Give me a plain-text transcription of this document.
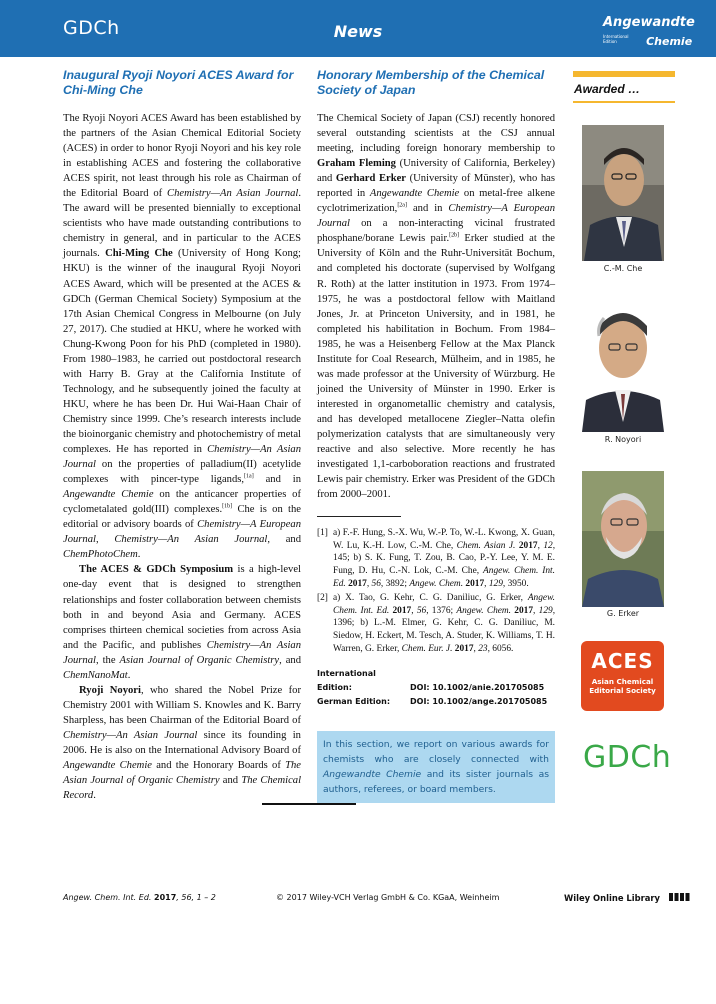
GDCh	News	Angewandte
International Edition	Chemie
Inaugural Ryoji Noyori ACES Award for Chi-Ming Che

The Ryoji Noyori ACES Award has been established by the partners of the Asian Chemical Editorial Society (ACES) in order to honor Ryoji Noyori and his key role in establishing ACES and fostering the collaborative ACES spirit, not least through his role as Chairman of the Editorial Board of Chemistry—An Asian Journal. The award will be presented biennially to exceptional scientists who have made outstanding contributions to chemistry in general, and in particular to the ACES journals. Chi-Ming Che (University of Hong Kong; HKU) is the winner of the inaugural Ryoji Noyori ACES Award, which will be presented at the ACES & GDCh (German Chemical Society) Symposium at the 17th Asian Chemical Congress in Melbourne (on July 27, 2017). Che studied at HKU, where he worked with Chung-Kwong Poon for his PhD (completed in 1980). From 1980–1983, he carried out postdoctoral research with Harry B. Gray at the California Institute of Technology, and he subsequently joined the faculty at HKU, where he has been Dr. Hui Wai-Haan Chair of Chemistry since 1999. Che’s research interests include the bioinorganic chemistry and photochemistry of metal complexes. He has reported in Chemistry—An Asian Journal on the properties of palladium(II) acetylide complexes with pincer-type ligands,[1a] and in Angewandte Chemie on the anticancer properties of cyclometalated gold(III) complexes.[1b] Che is on the editorial or advisory boards of Chemistry—A European Journal, Chemistry—An Asian Journal, and ChemPhotoChem.

The ACES & GDCh Symposium is a high-level one-day event that is designed to strengthen relationships and foster collaboration between chemists both in and beyond Asia and Germany. ACES comprises thirteen chemical societies from across Asia and the Pacific, and publishes Chemistry—An Asian Journal, the Asian Journal of Organic Chemistry, and ChemNanoMat.

Ryoji Noyori, who shared the Nobel Prize for Chemistry 2001 with William S. Knowles and K. Barry Sharpless, has been Chairman of the Editorial Board of Chemistry—An Asian Journal since its founding in 2006. He is also on the International Advisory Board of Angewandte Chemie and the Honorary Boards of The Asian Journal of Organic Chemistry and The Chemical Record.

Honorary Membership of the Chemical Society of Japan

The Chemical Society of Japan (CSJ) recently honored several outstanding scientists at the CSJ annual meeting, including foreign honorary membership to Graham Fleming (University of California, Berkeley) and Gerhard Erker (University of Münster), who has reported in Angewandte Chemie on metal-free alkene cyclotrimerization,[2a] and in Chemistry—A European Journal on a non-interacting vicinal frustrated phosphane/borane Lewis pair.[2b] Erker studied at the University of Köln and the Ruhr-Universität Bochum, and completed his doctorate (supervised by Wolfgang R. Roth) at the latter institution in 1973. From 1974–1975, he was a postdoctoral fellow with Maitland Jones, Jr. at Princeton University, and in 1981, he completed his habilitation in Bochum. From 1984–1985, he was a Heisenberg Fellow at the Max Planck Institute for Coal Research, Mülheim, and in 1985, he was made professor at the University of Würzburg. He joined the University of Münster in 1990. Erker is interested in organometallic chemistry and catalysis, and has developed metallocene Ziegler–Natta olefin polymerization catalysts that are simultaneously very reactive and also selective. More recently he has investigated 1,1-carboboration reactions and frustrated Lewis pair chemistry. Erker was President of the GDCh from 2000–2001.

[1] a) F.-F. Hung, S.-X. Wu, W.-P. To, W.-L. Kwong, X. Guan, W. Lu, K.-H. Low, C.-M. Che, Chem. Asian J. 2017, 12, 145; b) S. K. Fung, T. Zou, B. Cao, P.-Y. Lee, Y. M. E. Fung, D. Hu, C.-N. Lok, C.-M. Che, Angew. Chem. Int. Ed. 2017, 56, 3892; Angew. Chem. 2017, 129, 3950.
[2] a) X. Tao, G. Kehr, C. G. Daniliuc, G. Erker, Angew. Chem. Int. Ed. 2017, 56, 1376; Angew. Chem. 2017, 129, 1396; b) L.-M. Elmer, G. Kehr, C. G. Daniliuc, M. Siedow, H. Eckert, M. Tesch, A. Studer, K. Williams, T. H. Warren, G. Erker, Chem. Eur. J. 2017, 23, 6056.
International Edition:	DOI: 10.1002/anie.201705085
German Edition: DOI: 10.1002/ange.201705085
In this section, we report on various awards for chemists who are closely connected with Angewandte Chemie and its sister journals as authors, referees, or board members.
Awarded …
C.-M. Che
R. Noyori
G. Erker
ACES
Asian Chemical
Editorial Society
GDCh
Angew. Chem. Int. Ed. 2017, 56, 1 – 2	© 2017 Wiley-VCH Verlag GmbH & Co. KGaA, Weinheim	Wiley Online Library
